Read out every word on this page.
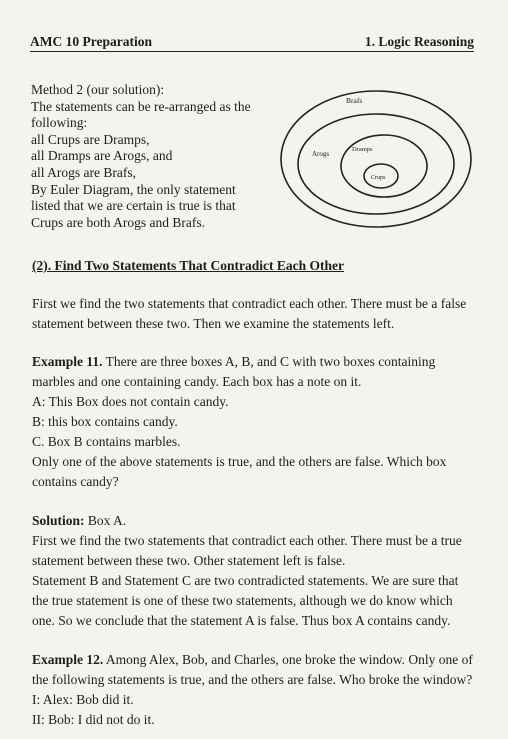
AMC 10 Preparation	1. Logic Reasoning
Method 2 (our solution):
The statements can be re-arranged as the
following:
all Crups are Dramps,
all Dramps are Arogs, and
all Arogs are Brafs,
By Euler Diagram, the only statement
listed that we are certain is true is that
Crups are both Arogs and Brafs.
Brafs
Arogs
Dramps
Crups
(2). Find Two Statements That Contradict Each Other
First we find the two statements that contradict each other. There must be a false
statement between these two. Then we examine the statements left.
Example 11. There are three boxes A, B, and C with two boxes containing
marbles and one containing candy. Each box has a note on it.
A: This Box does not contain candy.
B: this box contains candy.
C. Box B contains marbles.
Only one of the above statements is true, and the others are false. Which box
contains candy?
Solution: Box A.
First we find the two statements that contradict each other. There must be a true
statement between these two. Other statement left is false.
Statement B and Statement C are two contradicted statements. We are sure that
the true statement is one of these two statements, although we do know which
one. So we conclude that the statement A is false. Thus box A contains candy.
Example 12. Among Alex, Bob, and Charles, one broke the window. Only one of
the following statements is true, and the others are false. Who broke the window?
I: Alex: Bob did it.
II: Bob: I did not do it.
